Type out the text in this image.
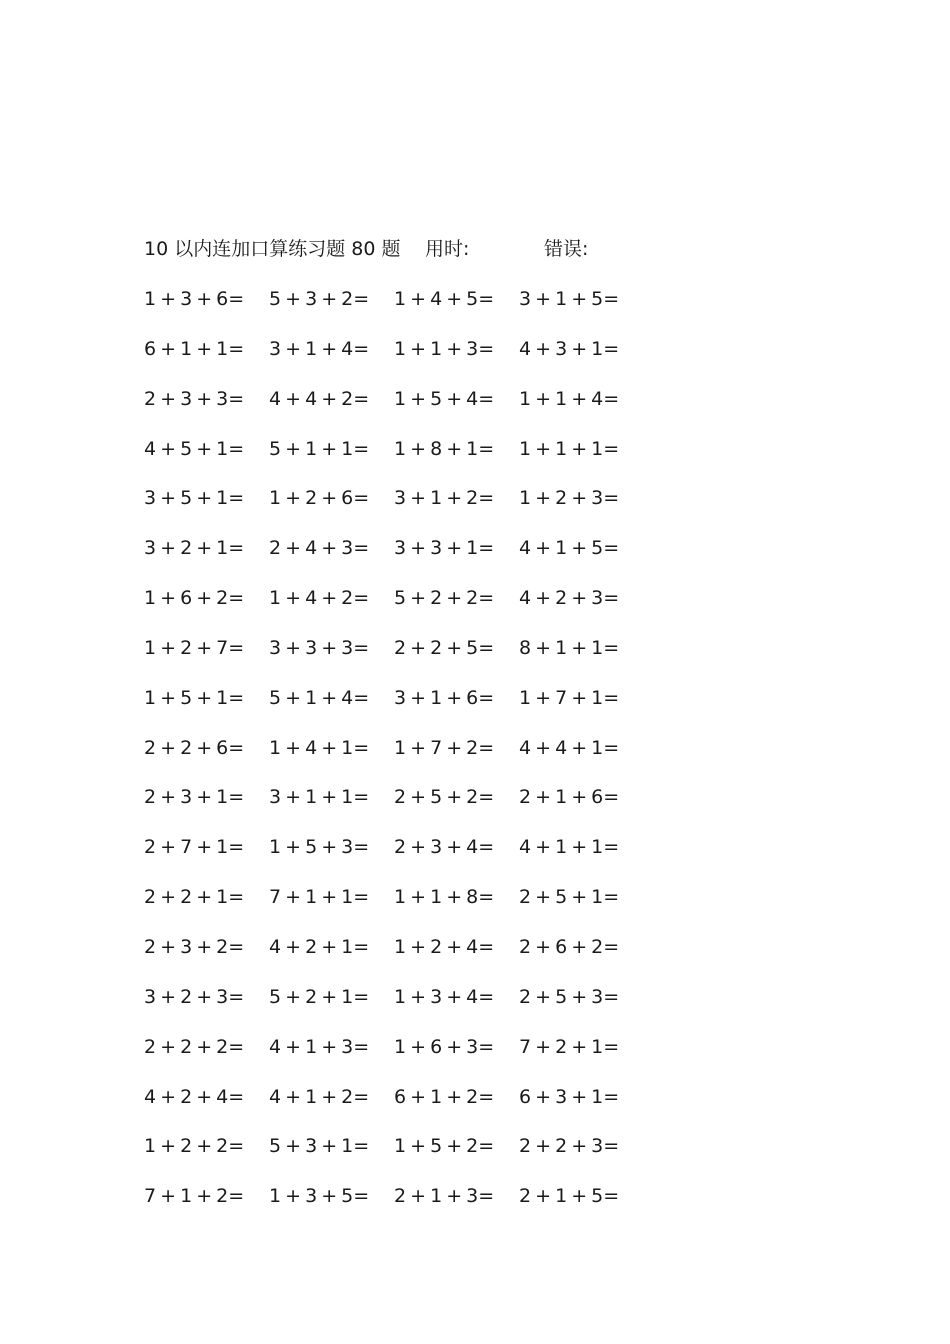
10 以内连加口算练习题 80 题 用时:	错误:
1 + 3 + 6= 5 + 3 + 2= 1 + 4 + 5= 3 + 1 + 5=
6 + 1 + 1= 3 + 1 + 4= 1 + 1 + 3= 4 + 3 + 1=
2 + 3 + 3= 4 + 4 + 2= 1 + 5 + 4= 1 + 1 + 4=
4 + 5 + 1= 5 + 1 + 1= 1 + 8 + 1= 1 + 1 + 1=
3 + 5 + 1= 1 + 2 + 6= 3 + 1 + 2= 1 + 2 + 3=
3 + 2 + 1= 2 + 4 + 3= 3 + 3 + 1= 4 + 1 + 5=
1 + 6 + 2= 1 + 4 + 2= 5 + 2 + 2= 4 + 2 + 3=
1 + 2 + 7= 3 + 3 + 3= 2 + 2 + 5= 8 + 1 + 1=
1 + 5 + 1= 5 + 1 + 4= 3 + 1 + 6= 1 + 7 + 1=
2 + 2 + 6= 1 + 4 + 1= 1 + 7 + 2= 4 + 4 + 1=
2 + 3 + 1= 3 + 1 + 1= 2 + 5 + 2= 2 + 1 + 6=
2 + 7 + 1= 1 + 5 + 3= 2 + 3 + 4= 4 + 1 + 1=
2 + 2 + 1= 7 + 1 + 1= 1 + 1 + 8= 2 + 5 + 1=
2 + 3 + 2= 4 + 2 + 1= 1 + 2 + 4= 2 + 6 + 2=
3 + 2 + 3= 5 + 2 + 1= 1 + 3 + 4= 2 + 5 + 3=
2 + 2 + 2= 4 + 1 + 3= 1 + 6 + 3= 7 + 2 + 1=
4 + 2 + 4= 4 + 1 + 2= 6 + 1 + 2= 6 + 3 + 1=
1 + 2 + 2= 5 + 3 + 1= 1 + 5 + 2= 2 + 2 + 3=
7 + 1 + 2= 1 + 3 + 5= 2 + 1 + 3= 2 + 1 + 5=
